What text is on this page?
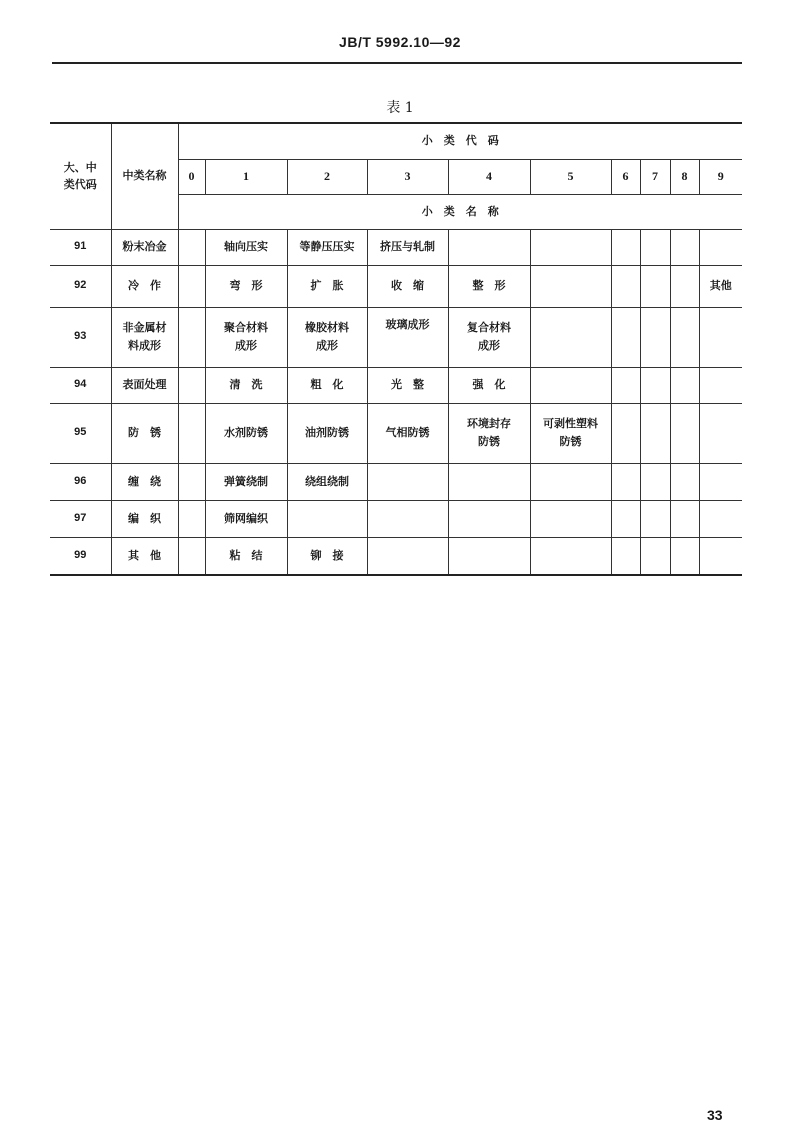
JB/T 5992.10—92
表 1
大、中类代码	中类名称	小　类　代　码									
		0	1	2	3	4	5	6	7	8	9
		小　类　名　称									
91	粉末冶金		轴向压实	等静压压实	挤压与轧制						
92	冷　作		弯　形	扩　胀	收　缩	整　形					其他
93	非金属材料成形		聚合材料成形	橡胶材料成形	玻璃成形	复合材料成形					

94	表面处理		清　洗	粗　化	光　整	强　化					
95	防　锈		水剂防锈	油剂防锈	气相防锈	环境封存防锈	可剥性塑料防锈				

96	缠　绕		弹簧绕制	绕组绕制							
97	编　织		筛网编织								
99	其　他		粘　结	铆　接							
33
